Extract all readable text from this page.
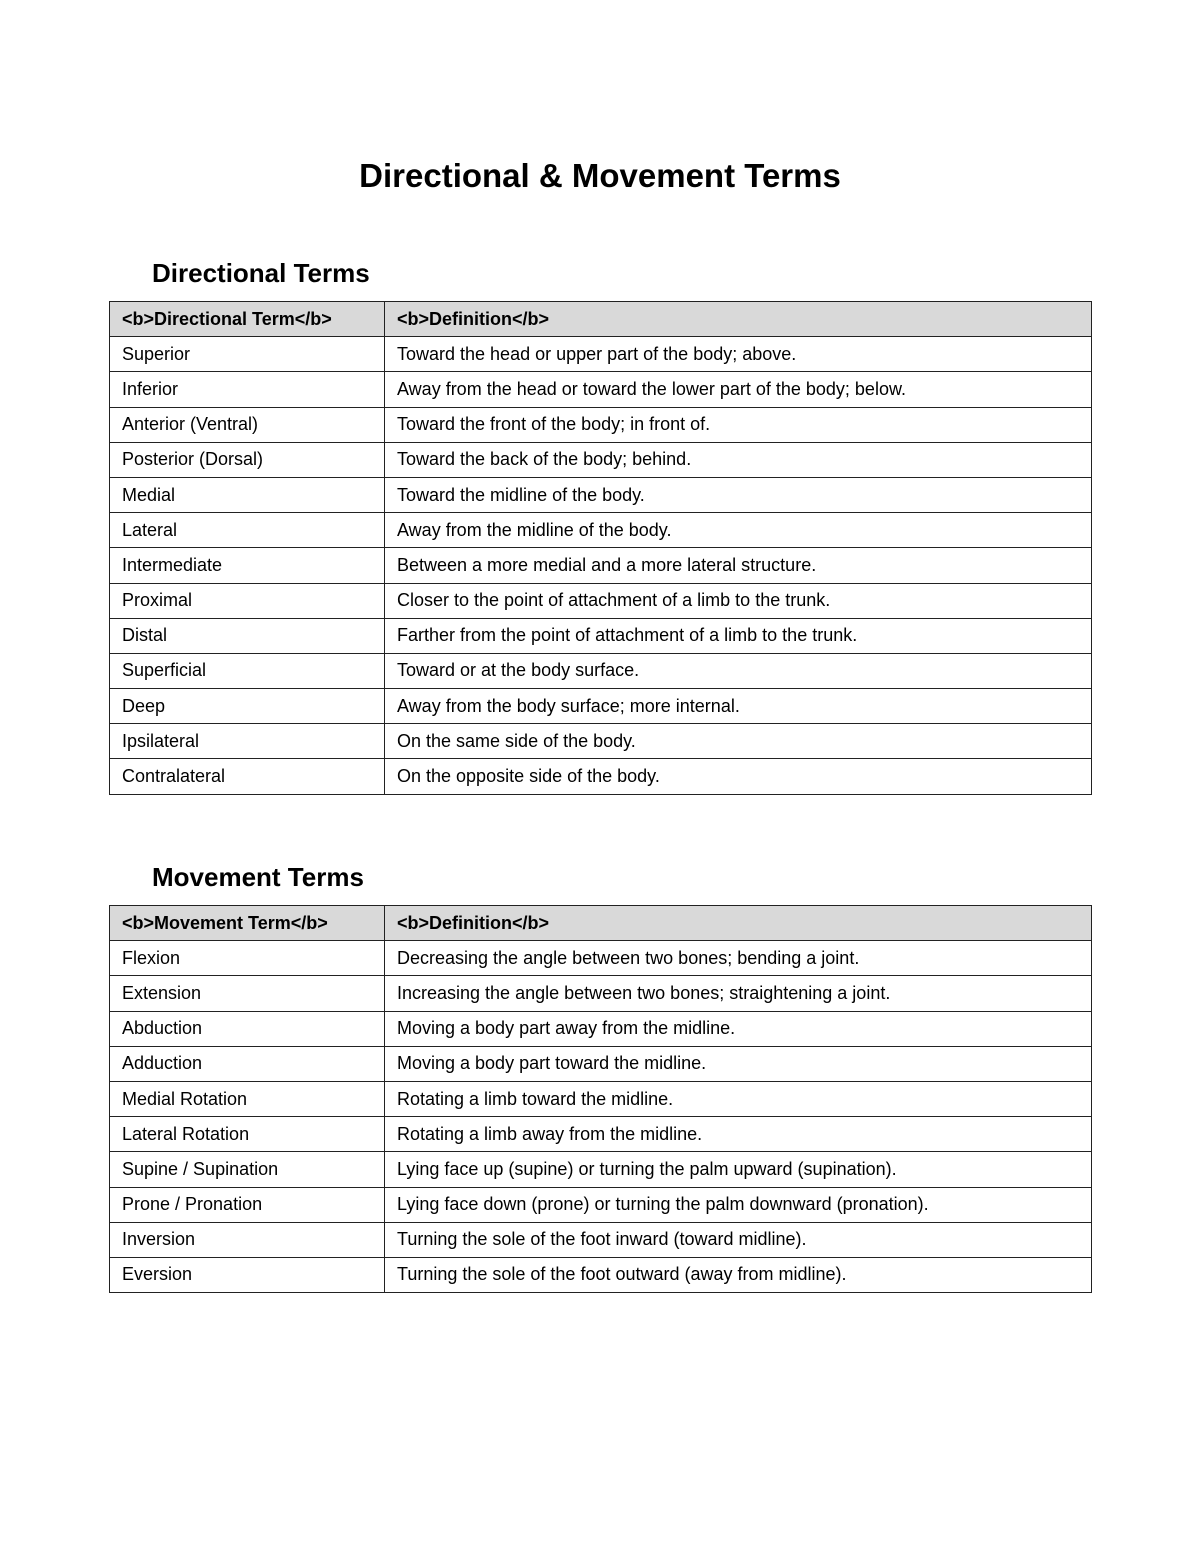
Directional & Movement Terms
Directional Terms
<b>Directional Term</b>	<b>Definition</b>
Superior	Toward the head or upper part of the body; above.
Inferior	Away from the head or toward the lower part of the body; below.
Anterior (Ventral)	Toward the front of the body; in front of.
Posterior (Dorsal)	Toward the back of the body; behind.
Medial	Toward the midline of the body.
Lateral	Away from the midline of the body.
Intermediate	Between a more medial and a more lateral structure.
Proximal	Closer to the point of attachment of a limb to the trunk.
Distal	Farther from the point of attachment of a limb to the trunk.
Superficial	Toward or at the body surface.
Deep	Away from the body surface; more internal.
Ipsilateral	On the same side of the body.
Contralateral	On the opposite side of the body.
Movement Terms
<b>Movement Term</b>	<b>Definition</b>
Flexion	Decreasing the angle between two bones; bending a joint.
Extension	Increasing the angle between two bones; straightening a joint.
Abduction	Moving a body part away from the midline.
Adduction	Moving a body part toward the midline.
Medial Rotation	Rotating a limb toward the midline.
Lateral Rotation	Rotating a limb away from the midline.
Supine / Supination	Lying face up (supine) or turning the palm upward (supination).
Prone / Pronation	Lying face down (prone) or turning the palm downward (pronation).
Inversion	Turning the sole of the foot inward (toward midline).
Eversion	Turning the sole of the foot outward (away from midline).
